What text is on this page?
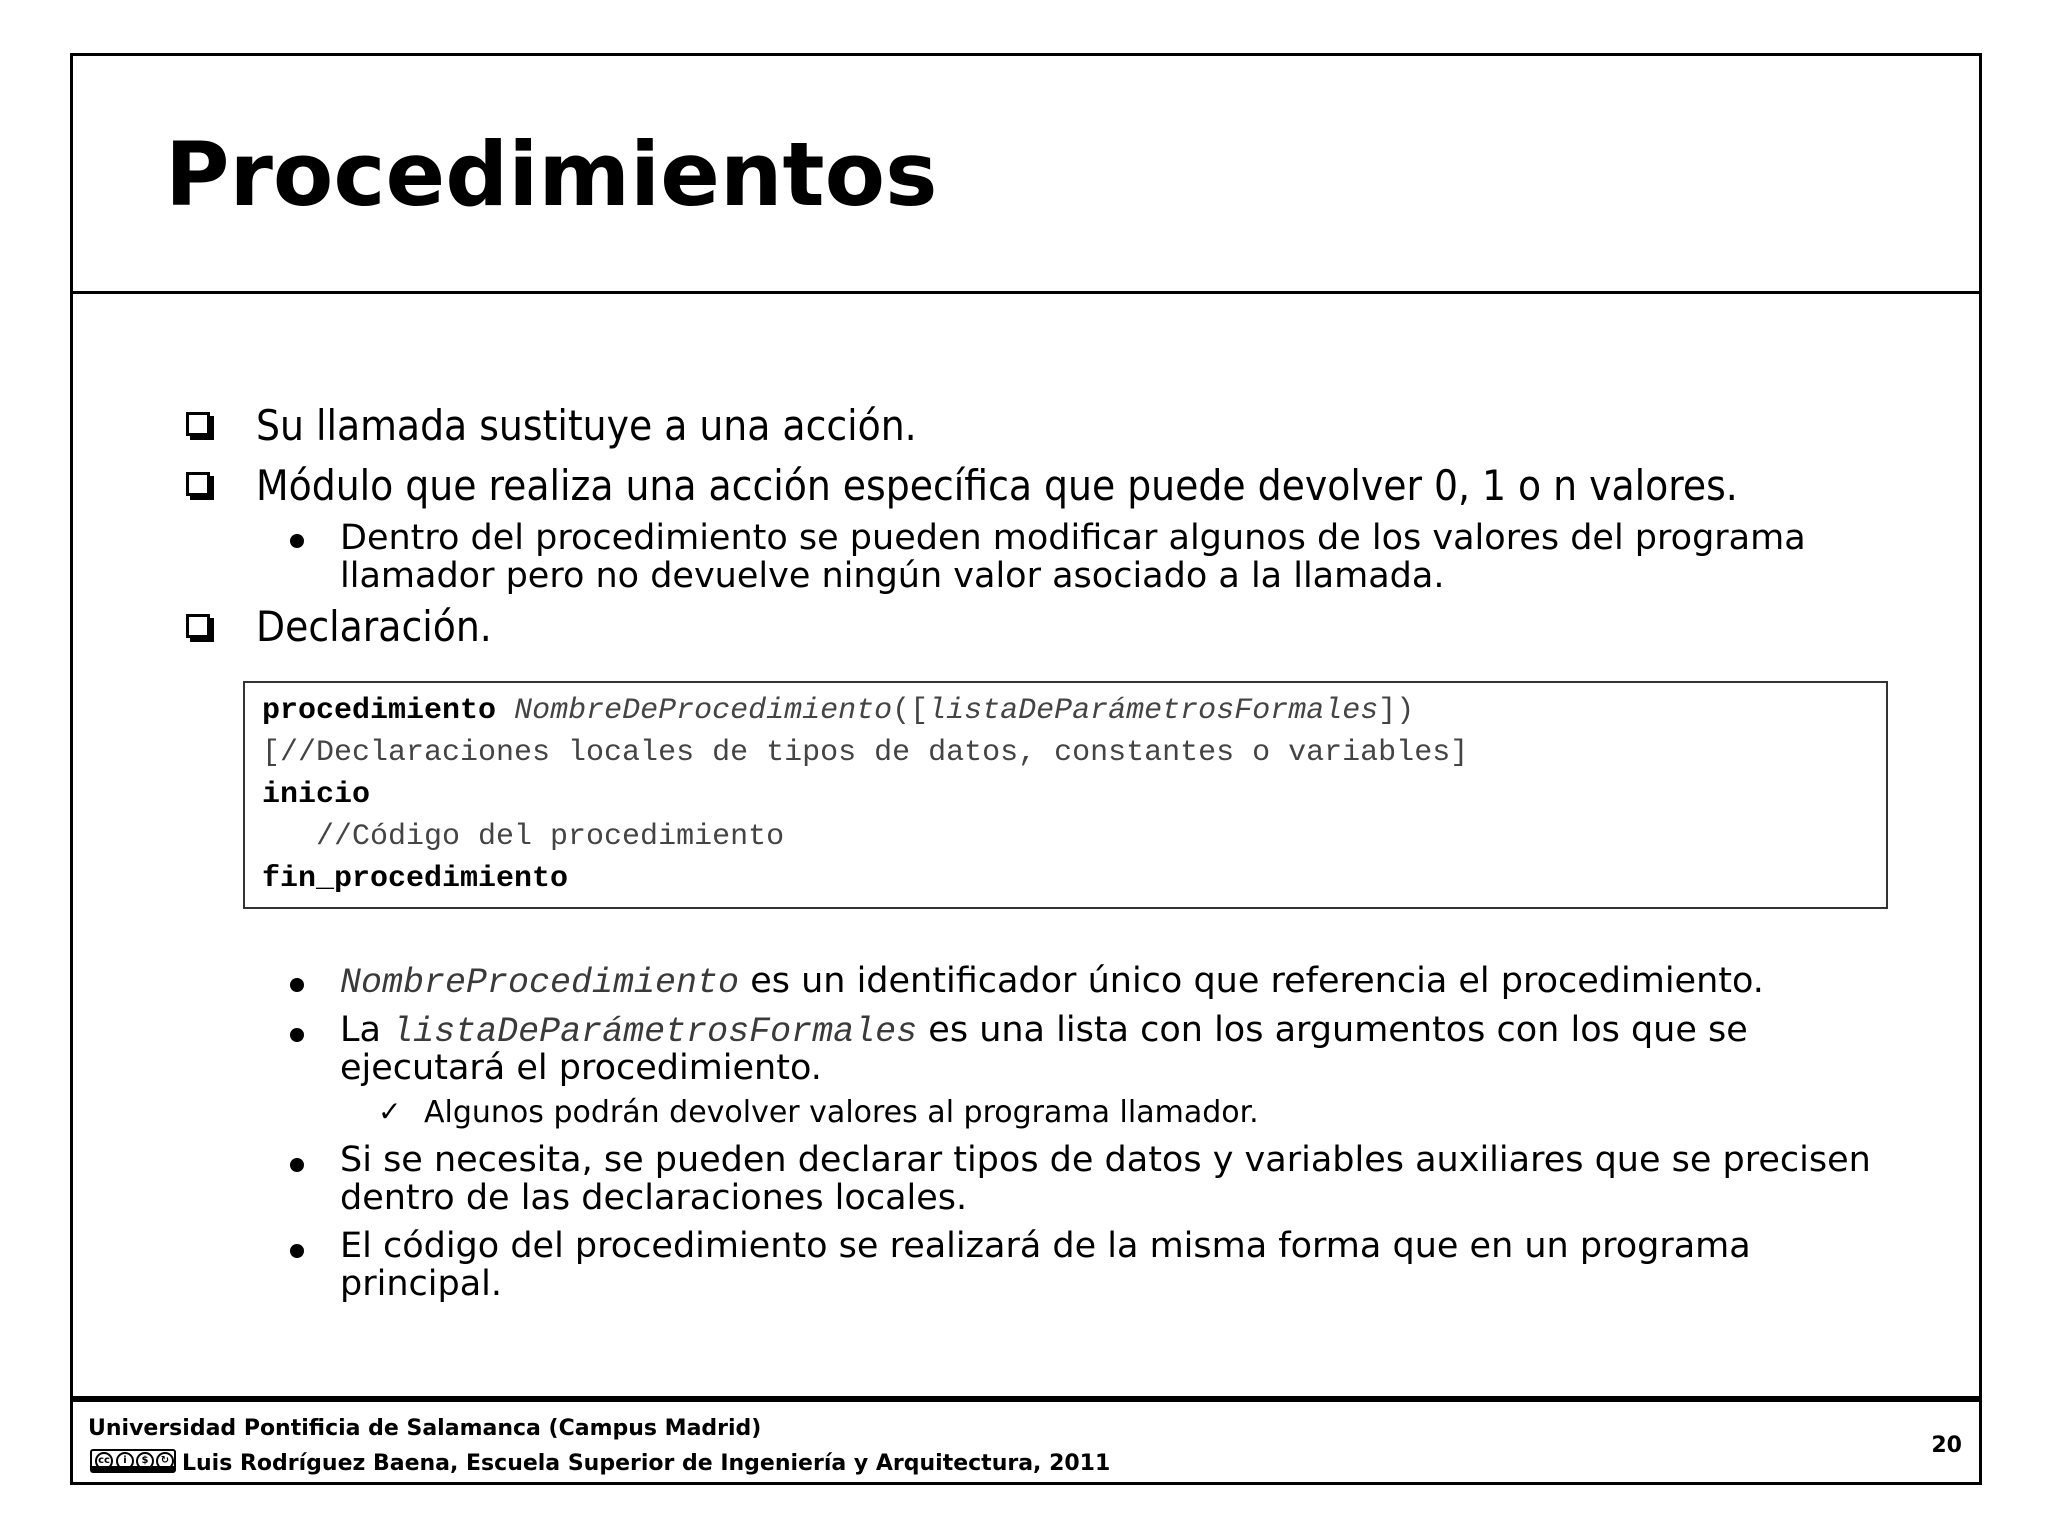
Procedimientos
Su llamada sustituye a una acción.
Módulo que realiza una acción específica que puede devolver 0, 1 o n valores.
Dentro del procedimiento se pueden modificar algunos de los valores del programa
llamador pero no devuelve ningún valor asociado a la llamada.
Declaración.
procedimiento NombreDeProcedimiento([listaDeParámetrosFormales])
[//Declaraciones locales de tipos de datos, constantes o variables]
inicio
//Código del procedimiento
fin_procedimiento
NombreProcedimiento es un identificador único que referencia el procedimiento.
La listaDeParámetrosFormales es una lista con los argumentos con los que se
ejecutará el procedimiento.
✓ Algunos podrán devolver valores al programa llamador.
Si se necesita, se pueden declarar tipos de datos y variables auxiliares que se precisen
dentro de las declaraciones locales.
El código del procedimiento se realizará de la misma forma que en un programa
principal.
Universidad Pontificia de Salamanca (Campus Madrid)
cc	i	$	↻ Luis Rodríguez Baena, Escuela Superior de Ingeniería y Arquitectura, 2011
20
